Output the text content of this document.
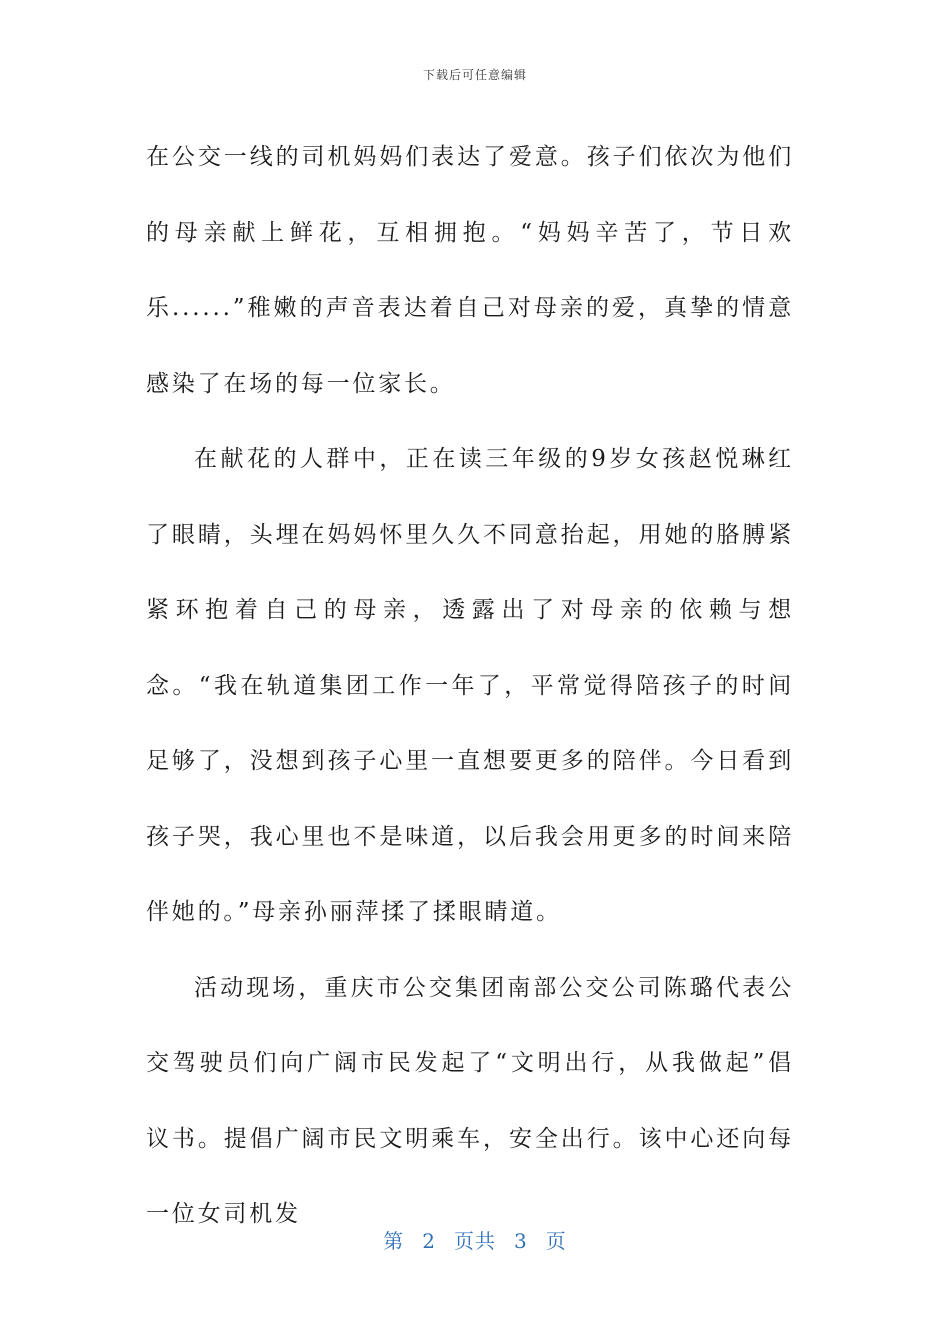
下载后可任意编辑

在公交一线的司机妈妈们表达了爱意。孩子们依次为他们的母亲献上鲜花，互相拥抱。“妈妈辛苦了，节日欢乐......”稚嫩的声音表达着自己对母亲的爱，真挚的情意感染了在场的每一位家长。

在献花的人群中，正在读三年级的9岁女孩赵悦琳红了眼睛，头埋在妈妈怀里久久不同意抬起，用她的胳膊紧紧环抱着自己的母亲，透露出了对母亲的依赖与想念。“我在轨道集团工作一年了，平常觉得陪孩子的时间足够了，没想到孩子心里一直想要更多的陪伴。今日看到孩子哭，我心里也不是味道，以后我会用更多的时间来陪伴她的。”母亲孙丽萍揉了揉眼睛道。

活动现场，重庆市公交集团南部公交公司陈璐代表公交驾驶员们向广阔市民发起了“文明出行，从我做起”倡议书。提倡广阔市民文明乘车，安全出行。该中心还向每一位女司机发

第 2 页共 3 页
